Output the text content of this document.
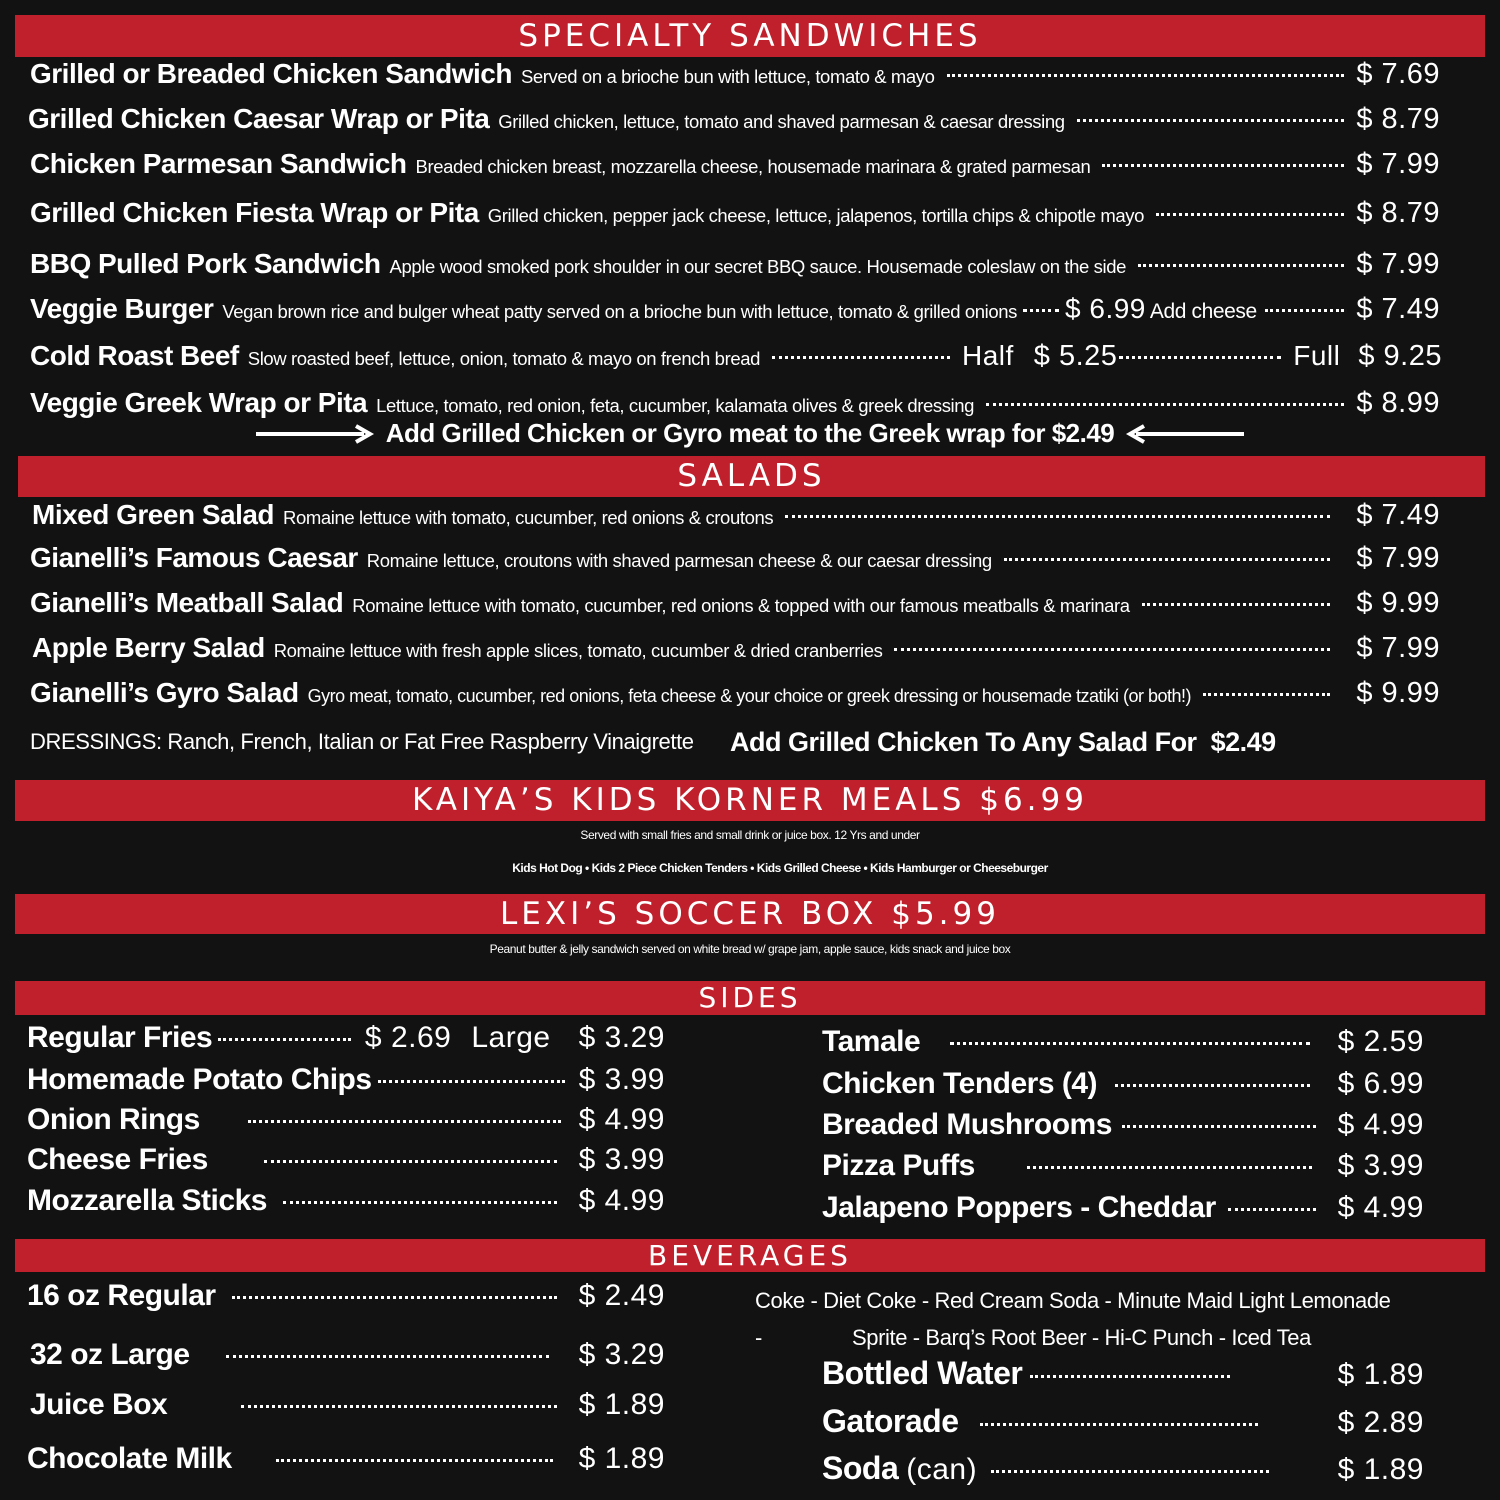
SPECIALTY SANDWICHES
Grilled or Breaded Chicken Sandwich Served on a brioche bun with lettuce, tomato & mayo	$ 7.69
Grilled Chicken Caesar Wrap or Pita Grilled chicken, lettuce, tomato and shaved parmesan & caesar dressing	$ 8.79
Chicken Parmesan Sandwich Breaded chicken breast, mozzarella cheese, housemade marinara & grated parmesan	$ 7.99
Grilled Chicken Fiesta Wrap or Pita Grilled chicken, pepper jack cheese, lettuce, jalapenos, tortilla chips & chipotle mayo	$ 8.79
BBQ Pulled Pork Sandwich Apple wood smoked pork shoulder in our secret BBQ sauce. Housemade coleslaw on the side	$ 7.99
Veggie Burger Vegan brown rice and bulger wheat patty served on a brioche bun with lettuce, tomato & grilled onions $ 6.99 Add cheese	$ 7.49
Cold Roast Beef Slow roasted beef, lettuce, onion, tomato & mayo on french bread	Half $ 5.25	Full $ 9.25
Veggie Greek Wrap or Pita Lettuce, tomato, red onion, feta, cucumber, kalamata olives & greek dressing	$ 8.99
Add Grilled Chicken or Gyro meat to the Greek wrap for $2.49
SALADS
Mixed Green Salad Romaine lettuce with tomato, cucumber, red onions & croutons	$ 7.49
Gianelli’s Famous Caesar Romaine lettuce, croutons with shaved parmesan cheese & our caesar dressing	$ 7.99
Gianelli’s Meatball Salad Romaine lettuce with tomato, cucumber, red onions & topped with our famous meatballs & marinara	$ 9.99
Apple Berry Salad Romaine lettuce with fresh apple slices, tomato, cucumber & dried cranberries	$ 7.99
Gianelli’s Gyro Salad Gyro meat, tomato, cucumber, red onions, feta cheese & your choice or greek dressing or housemade tzatiki (or both!)	$ 9.99
DRESSINGS: Ranch, French, Italian or Fat Free Raspberry Vinaigrette Add Grilled Chicken To Any Salad For  $2.49
KAIYA’S KIDS KORNER MEALS $6.99
Served with small fries and small drink or juice box. 12 Yrs and under
Kids Hot Dog • Kids 2 Piece Chicken Tenders • Kids Grilled Cheese • Kids Hamburger or Cheeseburger
LEXI’S SOCCER BOX $5.99
Peanut butter & jelly sandwich served on white bread w/ grape jam, apple sauce, kids snack and juice box
SIDES
Regular Fries	$ 2.69 Large $ 3.29
Homemade Potato Chips	$ 3.99
Onion Rings	$ 4.99
Cheese Fries	$ 3.99
Mozzarella Sticks	$ 4.99
Tamale	$ 2.59
Chicken Tenders (4)	$ 6.99
Breaded Mushrooms	$ 4.99
Pizza Puffs	$ 3.99
Jalapeno Poppers - Cheddar	$ 4.99
BEVERAGES
16 oz Regular	$ 2.49
32 oz Large	$ 3.29
Juice Box	$ 1.89
Chocolate Milk	$ 1.89
Coke - Diet Coke - Red Cream Soda - Minute Maid Light Lemonade
-	Sprite - Barq’s Root Beer - Hi-C Punch - Iced Tea
Bottled Water	$ 1.89
Gatorade	$ 2.89
Soda (can)	$ 1.89
